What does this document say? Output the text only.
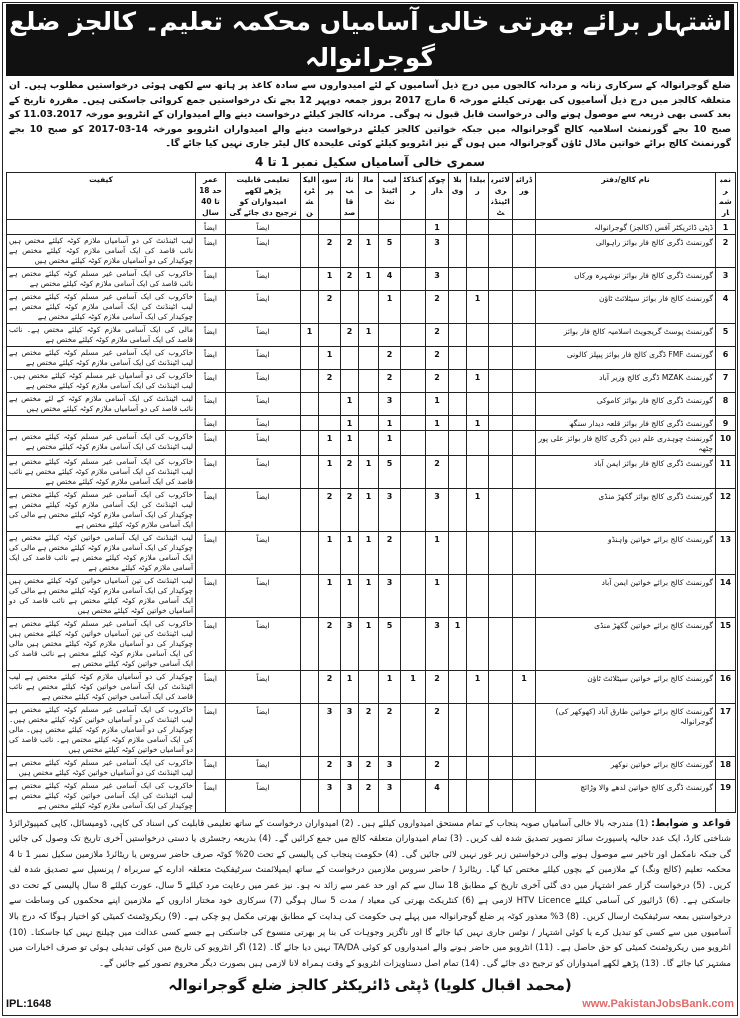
اشتہار برائے بھرتی خالی آسامیاں محکمہ تعلیم۔ کالجز ضلع گوجرانوالہ
ضلع گوجرانوالہ کے سرکاری زنانہ و مردانہ کالجوں میں درج ذیل آسامیوں کے لئے امیدواروں سے سادہ کاغذ پر ہاتھ سے لکھی ہوئی درخواستیں مطلوب ہیں۔ ان متعلقہ کالجز میں درج ذیل آسامیوں کی بھرتی کیلئے مورخہ 6 مارچ 2017 بروز جمعہ دوپہر 12 بجے تک درخواستیں جمع کروائی جاسکتی ہیں۔ مقررہ تاریخ کے بعد کسی بھی ذریعہ سے موصول ہونے والی درخواست قابل قبول نہ ہوگی۔ مردانہ کالجز کیلئے درخواست دینے والے امیدواران کے انٹرویو مورخہ 11.03.2017 کو صبح 10 بجے گورنمنٹ اسلامیہ کالج گوجرانوالہ میں جبکہ خواتین کالجز کیلئے درخواست دینے والے امیدواران انٹرویو مورخہ 14-03-2017 کو صبح 10 بجے گورنمنٹ کالج برائے خواتین ماڈل ٹاؤن گوجرانوالہ میں ہوں گے نیز انٹرویو کیلئے کوئی علیحدہ کال لیٹر جاری نہیں کیا جائے گا۔
سمری خالی آسامیاں سکیل نمبر 1 تا 4
نمبر شمار	نام کالج/دفتر	ڈرائیور	لائبریری اٹینڈنٹ	بیلدار	بلاوی	چوکیدار	کنڈکٹر	لیب اٹینڈنٹ	مالی	نائب قاصد	سویپر	الیکٹریشن	تعلیمی قابلیت پڑھے لکھے امیدواران کو ترجیح دی جائے گی	عمر حد 18 تا 40 سال	کیفیت
1	ڈپٹی ڈائریکٹر آفس (کالجز) گوجرانوالہ					1							ایضاً	ایضاً	
2	گورنمنٹ ڈگری کالج فار بوائز راہوالی					3		5	1	2	2		ایضاً	ایضاً	لیب اٹینڈنٹ کی دو آسامیاں ملازم کوٹہ کیلئے مختص ہیں نائب قاصد کی ایک آسامی ملازم کوٹہ کیلئے مختص ہے چوکیدار کی دو آسامیاں ملازم کوٹہ کیلئے مختص ہیں
3	گورنمنٹ ڈگری کالج فار بوائز نوشہرہ ورکاں					3		4	1	2	1		ایضاً	ایضاً	خاکروب کی ایک آسامی غیر مسلم کوٹہ کیلئے مختص ہے نائب قاصد کی ایک آسامی ملازم کوٹہ کیلئے مختص ہے
4	گورنمنٹ کالج فار بوائز سیٹلائٹ ٹاؤن			1		2		1			2		ایضاً	ایضاً	خاکروب کی ایک آسامی غیر مسلم کوٹہ کیلئے مختص ہے لیب اٹینڈنٹ کی ایک آسامی ملازم کوٹہ کیلئے مختص ہے چوکیدار کی ایک آسامی ملازم کوٹہ کیلئے مختص ہے
5	گورنمنٹ پوسٹ گریجویٹ اسلامیہ کالج فار بوائز					2			1	2		1	ایضاً	ایضاً	مالی کی ایک آسامی ملازم کوٹہ کیلئے مختص ہے۔ نائب قاصد کی ایک آسامی ملازم کوٹہ کیلئے مختص ہے
6	گورنمنٹ FMF ڈگری کالج فار بوائز پیپلز کالونی					2		2			1		ایضاً	ایضاً	خاکروب کی ایک آسامی غیر مسلم کوٹہ کیلئے مختص ہے لیب اٹینڈنٹ کی ایک آسامی ملازم کوٹہ کیلئے مختص ہے
7	گورنمنٹ MZAK ڈگری کالج وزیر آباد			1		2		2			2		ایضاً	ایضاً	خاکروب کی دو آسامیاں غیر مسلم کوٹہ کیلئے مختص ہیں۔ لیب اٹینڈنٹ کی ایک آسامی ملازم کوٹہ کیلئے مختص ہے
8	گورنمنٹ ڈگری کالج فار بوائز کاموکی					1		3		1			ایضاً	ایضاً	لیب اٹینڈنٹ کی ایک آسامی ملازم کوٹہ کے لئے مختص ہے نائب قاصد کی دو آسامیاں ملازم کوٹہ کیلئے مختص ہیں
9	گورنمنٹ ڈگری کالج فار بوائز قلعہ دیدار سنگھ			1		1		1		1			ایضاً	ایضاً	
10	گورنمنٹ چوہدری علم دین ڈگری کالج فار بوائز علی پور چٹھہ							1		1	1		ایضاً	ایضاً	خاکروب کی ایک آسامی غیر مسلم کوٹہ کیلئے مختص ہے لیب اٹینڈنٹ کی ایک آسامی ملازم کوٹہ کیلئے مختص ہے
11	گورنمنٹ ڈگری کالج فار بوائز ایمن آباد					2		5	1	2	1		ایضاً	ایضاً	خاکروب کی ایک آسامی غیر مسلم کوٹہ کیلئے مختص ہے لیب اٹینڈنٹ کی ایک آسامی ملازم کوٹہ کیلئے مختص ہے نائب قاصد کی ایک آسامی ملازم کوٹہ کیلئے مختص ہے
12	گورنمنٹ ڈگری کالج بوائز گکھڑ منڈی			1		3		3	1	2	2		ایضاً	ایضاً	خاکروب کی ایک آسامی غیر مسلم کوٹہ کیلئے مختص ہے لیب اٹینڈنٹ کی ایک آسامی ملازم کوٹہ کیلئے مختص ہے چوکیدار کی ایک آسامی ملازم کوٹہ کیلئے مختص ہے مالی کی ایک آسامی ملازم کوٹہ کیلئے مختص ہے
13	گورنمنٹ کالج برائے خواتین واہنڈو					1		2	1	1	1		ایضاً	ایضاً	لیب اٹینڈنٹ کی ایک آسامی خواتین کوٹہ کیلئے مختص ہے چوکیدار کی ایک آسامی ملازم کوٹہ کیلئے مختص ہے مالی کی ایک آسامی ملازم کوٹہ کیلئے مختص ہے نائب قاصد کی ایک آسامی ملازم کوٹہ کیلئے مختص ہے
14	گورنمنٹ کالج برائے خواتین ایمن آباد					1		3	1	1	1		ایضاً	ایضاً	لیب اٹینڈنٹ کی تین آسامیاں خواتین کوٹہ کیلئے مختص ہیں چوکیدار کی ایک آسامی ملازم کوٹہ کیلئے مختص ہے مالی کی ایک آسامی ملازم کوٹہ کیلئے مختص ہے نائب قاصد کی دو آسامیاں خواتین کوٹہ کیلئے مختص ہیں
15	گورنمنٹ کالج برائے خواتین گکھڑ منڈی				1	3		5	1	3	2		ایضاً	ایضاً	خاکروب کی ایک آسامی غیر مسلم کوٹہ کیلئے مختص ہے لیب اٹینڈنٹ کی تین آسامیاں خواتین کوٹہ کیلئے مختص ہیں چوکیدار کی دو آسامیاں ملازم کوٹہ کیلئے مختص ہیں مالی کی ایک آسامی ملازم کوٹہ کیلئے مختص ہے نائب قاصد کی ایک آسامی خواتین کوٹہ کیلئے مختص ہے
16	گورنمنٹ کالج برائے خواتین سیٹلائٹ ٹاؤن	1		1		2	1	1		1	2		ایضاً	ایضاً	چوکیدار کی دو آسامیاں ملازم کوٹہ کیلئے مختص ہے لیب اٹینڈنٹ کی ایک آسامی خواتین کوٹہ کیلئے مختص ہے نائب قاصد کی ایک آسامی خواتین کوٹہ کیلئے مختص ہے
17	گورنمنٹ کالج برائے خواتین طارق آباد (کھوکھر کی) گوجرانوالہ					2		2	2	3	3		ایضاً	ایضاً	خاکروب کی ایک آسامی غیر مسلم کوٹہ کیلئے مختص ہے لیب اٹینڈنٹ کی دو آسامیاں خواتین کوٹہ کیلئے مختص ہیں۔ چوکیدار کی دو آسامیاں ملازم کوٹہ کیلئے مختص ہیں۔ مالی کی ایک آسامی ملازم کوٹہ کیلئے مختص ہے۔ نائب قاصد کی دو آسامیاں خواتین کوٹہ کیلئے مختص ہیں
18	گورنمنٹ کالج برائے خواتین نوکھر					2		3	2	3	2		ایضاً	ایضاً	خاکروب کی ایک آسامی غیر مسلم کوٹہ کیلئے مختص ہے لیب اٹینڈنٹ کی دو آسامیاں خواتین کوٹہ کیلئے مختص ہیں
19	گورنمنٹ ڈگری کالج خواتین لدھے والا وڑائچ					4		3	2	3	3		ایضاً	ایضاً	خاکروب کی ایک آسامی غیر مسلم کوٹہ کیلئے مختص ہے لیب اٹینڈنٹ کی ایک آسامی خواتین کوٹہ کیلئے مختص ہے چوکیدار کی ایک آسامی ملازم کوٹہ کیلئے مختص ہے
قواعد و ضوابط: (1) مندرجہ بالا خالی آسامیاں صوبہ پنجاب کے تمام مستحق امیدواروں کیلئے ہیں۔ (2) امیدواران درخواست کے ساتھ تعلیمی قابلیت کی اسناد کی کاپی، ڈومیسائل، کاپی کمپیوٹرائزڈ شناختی کارڈ، ایک عدد حالیہ پاسپورٹ سائز تصویر تصدیق شدہ لف کریں۔ (3) تمام امیدواران متعلقہ کالج میں جمع کرائیں گے۔ (4) بذریعہ رجسٹری یا دستی درخواستیں آخری تاریخ تک وصول کی جائیں گی جبکہ نامکمل اور تاخیر سے موصول ہونے والی درخواستیں زیر غور نہیں لائی جائیں گی۔ (4) حکومت پنجاب کی پالیسی کے تحت 20% کوٹہ صرف حاضر سروس یا ریٹائرڈ ملازمین سکیل نمبر 1 تا 4 محکمہ تعلیم (کالج ونگ) کے ملازمین کے بچوں کیلئے مختص کیا گیا۔ ریٹائرڈ / حاضر سروس ملازمین درخواست کے ساتھ ایمپلائمنٹ سرٹیفکیٹ متعلقہ ادارے کے سربراہ / پرنسپل سے تصدیق شدہ لف کریں۔ (5) درخواست گزار عمر اشتہار میں دی گئی آخری تاریخ کے مطابق 18 سال سے کم اور حد عمر سے زائد نہ ہو۔ نیز عمر میں رعایت مرد کیلئے 5 سال، عورت کیلئے 8 سال پالیسی کے تحت دی جاسکتی ہے۔ (6) ڈرائیور کی آسامی کیلئے HTV Licence لازمی ہے (6) کنٹریکٹ بھرتی کی معیاد / مدت 5 سال ہوگی (7) سرکاری خود مختار اداروں کے ملازمین اپنے محکموں کی وساطت سے درخواستیں بمعہ سرٹیفکیٹ ارسال کریں۔ (8) 3% معذور کوٹہ پر ضلع گوجرانوالہ میں پہلے ہی حکومت کی ہدایت کے مطابق بھرتی مکمل ہو چکی ہے۔ (9) ریکروٹمنٹ کمیٹی کو اختیار ہوگا کہ درج بالا آسامیوں میں سے کسی کو تبدیل کرے یا کوئی اشتہار / نوٹس جاری نہیں کیا جائے گا اور ناگزیر وجوہات کی بنا پر بھرتی منسوخ کی جاسکتی ہے جسے کسی عدالت میں چیلنج نہیں کیا جاسکتا۔ (10) انٹرویو میں ریکروٹمنٹ کمیٹی کو حق حاصل ہے۔ (11) انٹرویو میں حاضر ہونے والے امیدواروں کو کوئی TA/DA نہیں دیا جائے گا۔ (12) اگر انٹرویو کی تاریخ میں کوئی تبدیلی ہوئی تو صرف اخبارات میں مشتہر کیا جائے گا۔ (13) پڑھے لکھے امیدواران کو ترجیح دی جائے گی۔ (14) تمام اصل دستاویزات انٹرویو کے وقت ہمراہ لانا لازمی ہیں بصورت دیگر محروم تصور کیے جائیں گے۔
(محمد اقبال کلویا) ڈپٹی ڈائریکٹر کالجز ضلع گوجرانوالہ
IPL:1648	www.PakistanJobsBank.com
